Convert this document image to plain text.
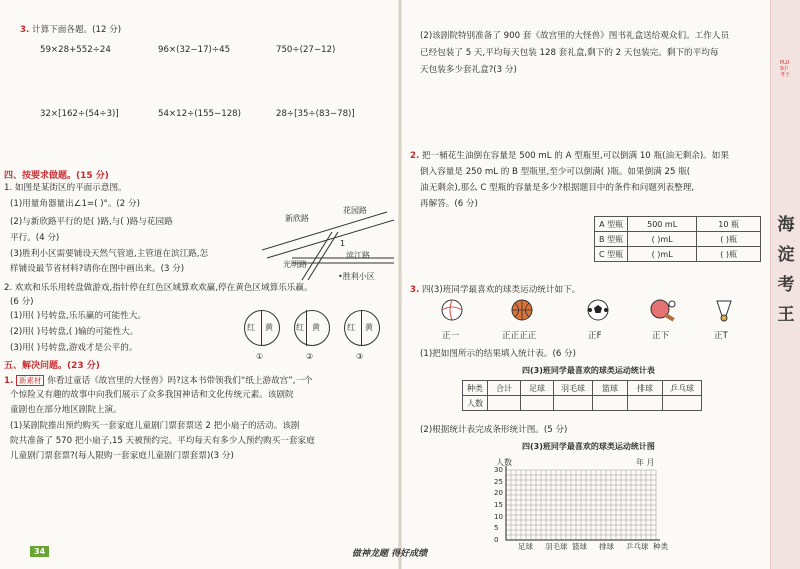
3. 计算下面各题。(12 分)
59×28+552÷24	96×(32−17)÷45	750÷(27−12)
32×[162÷(54÷3)]	54×12÷(155−128)	28÷[35÷(83−78)]
四、按要求做题。(15 分)
1. 如图是某街区的平面示意图。
(1)用量角器量出∠1=( )°。(2 分)
(2)与新欣路平行的是( )路,与( )路与花园路
平行。(4 分)
(3)胜利小区需要铺设天然气管道,主管道在滨江路,怎
样铺设最节省材料?请你在图中画出来。(3 分)
新欣路
花园路
光明路
滨江路
1
•胜利小区
2. 欢欢和乐乐用转盘做游戏,指针停在红色区域算欢欢赢,停在黄色区域算乐乐赢。
(6 分)
(1)用( )号转盘,乐乐赢的可能性大。
(2)用( )号转盘,( )输的可能性大。
(3)用( )号转盘,游戏才是公平的。
红 黄
①
红 黄
②
红 黄
③
五、解决问题。(23 分)
1. 新素材 你看过童话《故宫里的大怪兽》吗?这本书带领我们“纸上游故宫”,一个
个惊险又有趣的故事中向我们展示了众多我国神话和文化传统元素。该剧院
童剧也在部分地区剧院上演。
(1)某剧院推出预约购买一套家庭儿童剧门票套票送 2 把小扇子的活动。该剧
院共准备了 570 把小扇子,15 天被预约完。平均每天有多少人预约购买一套家庭
儿童剧门票套票?(每人限购一套家庭儿童剧门票套票)(3 分)
34	做神龙题 得好成绩
(2)该剧院特别准备了 900 套《故宫里的大怪兽》图书礼盒送给观众们。工作人员
已经包装了 5 天,平均每天包装 128 套礼盒,剩下的 2 天包装完。剩下的平均每
天包装多少套礼盒?(3 分)
2. 把一桶花生油倒在容量是 500 mL 的 A 型瓶里,可以倒满 10 瓶(油无剩余)。如果
倒入容量是 250 mL 的 B 型瓶里,至少可以倒满( )瓶。如果倒满 25 瓶(
油无剩余),那么 C 型瓶的容量是多少?根据题目中的条件和问题列表整理,
再解答。(6 分)
A 型瓶	500 mL	10 瓶
B 型瓶	( )mL	( )瓶
C 型瓶	( )mL	( )瓶
3. 四(3)班同学最喜欢的球类运动统计如下。
正一	正正正正	正F	正下	正T
(1)把如图所示的结果填入统计表。(6 分)
四(3)班同学最喜欢的球类运动统计表
种类	合计	足球	羽毛球	篮球	排球	乒乓球
人数						
(2)根据统计表完成条形统计图。(5 分)
四(3)班同学最喜欢的球类运动统计图
人数	年 月
0
5
10
15
20
25
30
足球 羽毛球 篮球 排球 乒乓球 种类
海淀考王
PLUS中考王
